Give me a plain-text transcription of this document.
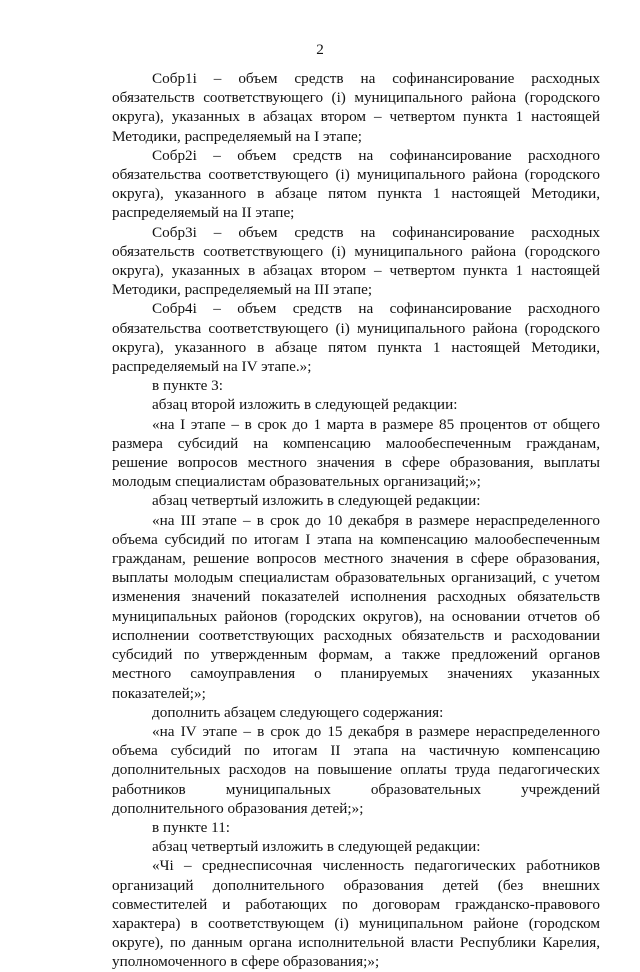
2

Собр1i – объем средств на софинансирование расходных обязательств соответствующего (i) муниципального района (городского округа), указанных в абзацах втором – четвертом пункта 1 настоящей Методики, распределяемый на I этапе;

Собр2i – объем средств на софинансирование расходного обязательства соответствующего (i) муниципального района (городского округа), указанного в абзаце пятом пункта 1 настоящей Методики, распределяемый на II этапе;

Собр3i – объем средств на софинансирование расходных обязательств соответствующего (i) муниципального района (городского округа), указанных в абзацах втором – четвертом пункта 1 настоящей Методики, распределяемый на III этапе;

Собр4i – объем средств на софинансирование расходного обязательства соответствующего (i) муниципального района (городского округа), указанного в абзаце пятом пункта 1 настоящей Методики, распределяемый на IV этапе.»;

в пункте 3:

абзац второй изложить в следующей редакции:

«на I этапе – в срок до 1 марта в размере 85 процентов от общего размера субсидий на компенсацию малообеспеченным гражданам, решение вопросов местного значения в сфере образования, выплаты молодым специалистам образовательных организаций;»;

абзац четвертый изложить в следующей редакции:

«на III этапе – в срок до 10 декабря в размере нераспределенного объема субсидий по итогам I этапа на компенсацию малообеспеченным гражданам, решение вопросов местного значения в сфере образования, выплаты молодым специалистам образовательных организаций, с учетом изменения значений показателей исполнения расходных обязательств муниципальных районов (городских округов), на основании отчетов об исполнении соответствующих расходных обязательств и расходовании субсидий по утвержденным формам, а также предложений органов местного самоуправления о планируемых значениях указанных показателей;»;

дополнить абзацем следующего содержания:

«на IV этапе – в срок до 15 декабря в размере нераспределенного объема субсидий по итогам II этапа на частичную компенсацию дополнительных расходов на повышение оплаты труда педагогических работников муниципальных образовательных учреждений дополнительного образования детей;»;

в пункте 11:

абзац четвертый изложить в следующей редакции:

«Чi – среднесписочная численность педагогических работников организаций дополнительного образования детей (без внешних совместителей и работающих по договорам гражданско-правового характера) в соответствующем (i) муниципальном районе (городском округе), по данным органа исполнительной власти Республики Карелия, уполномоченного в сфере образования;»;
